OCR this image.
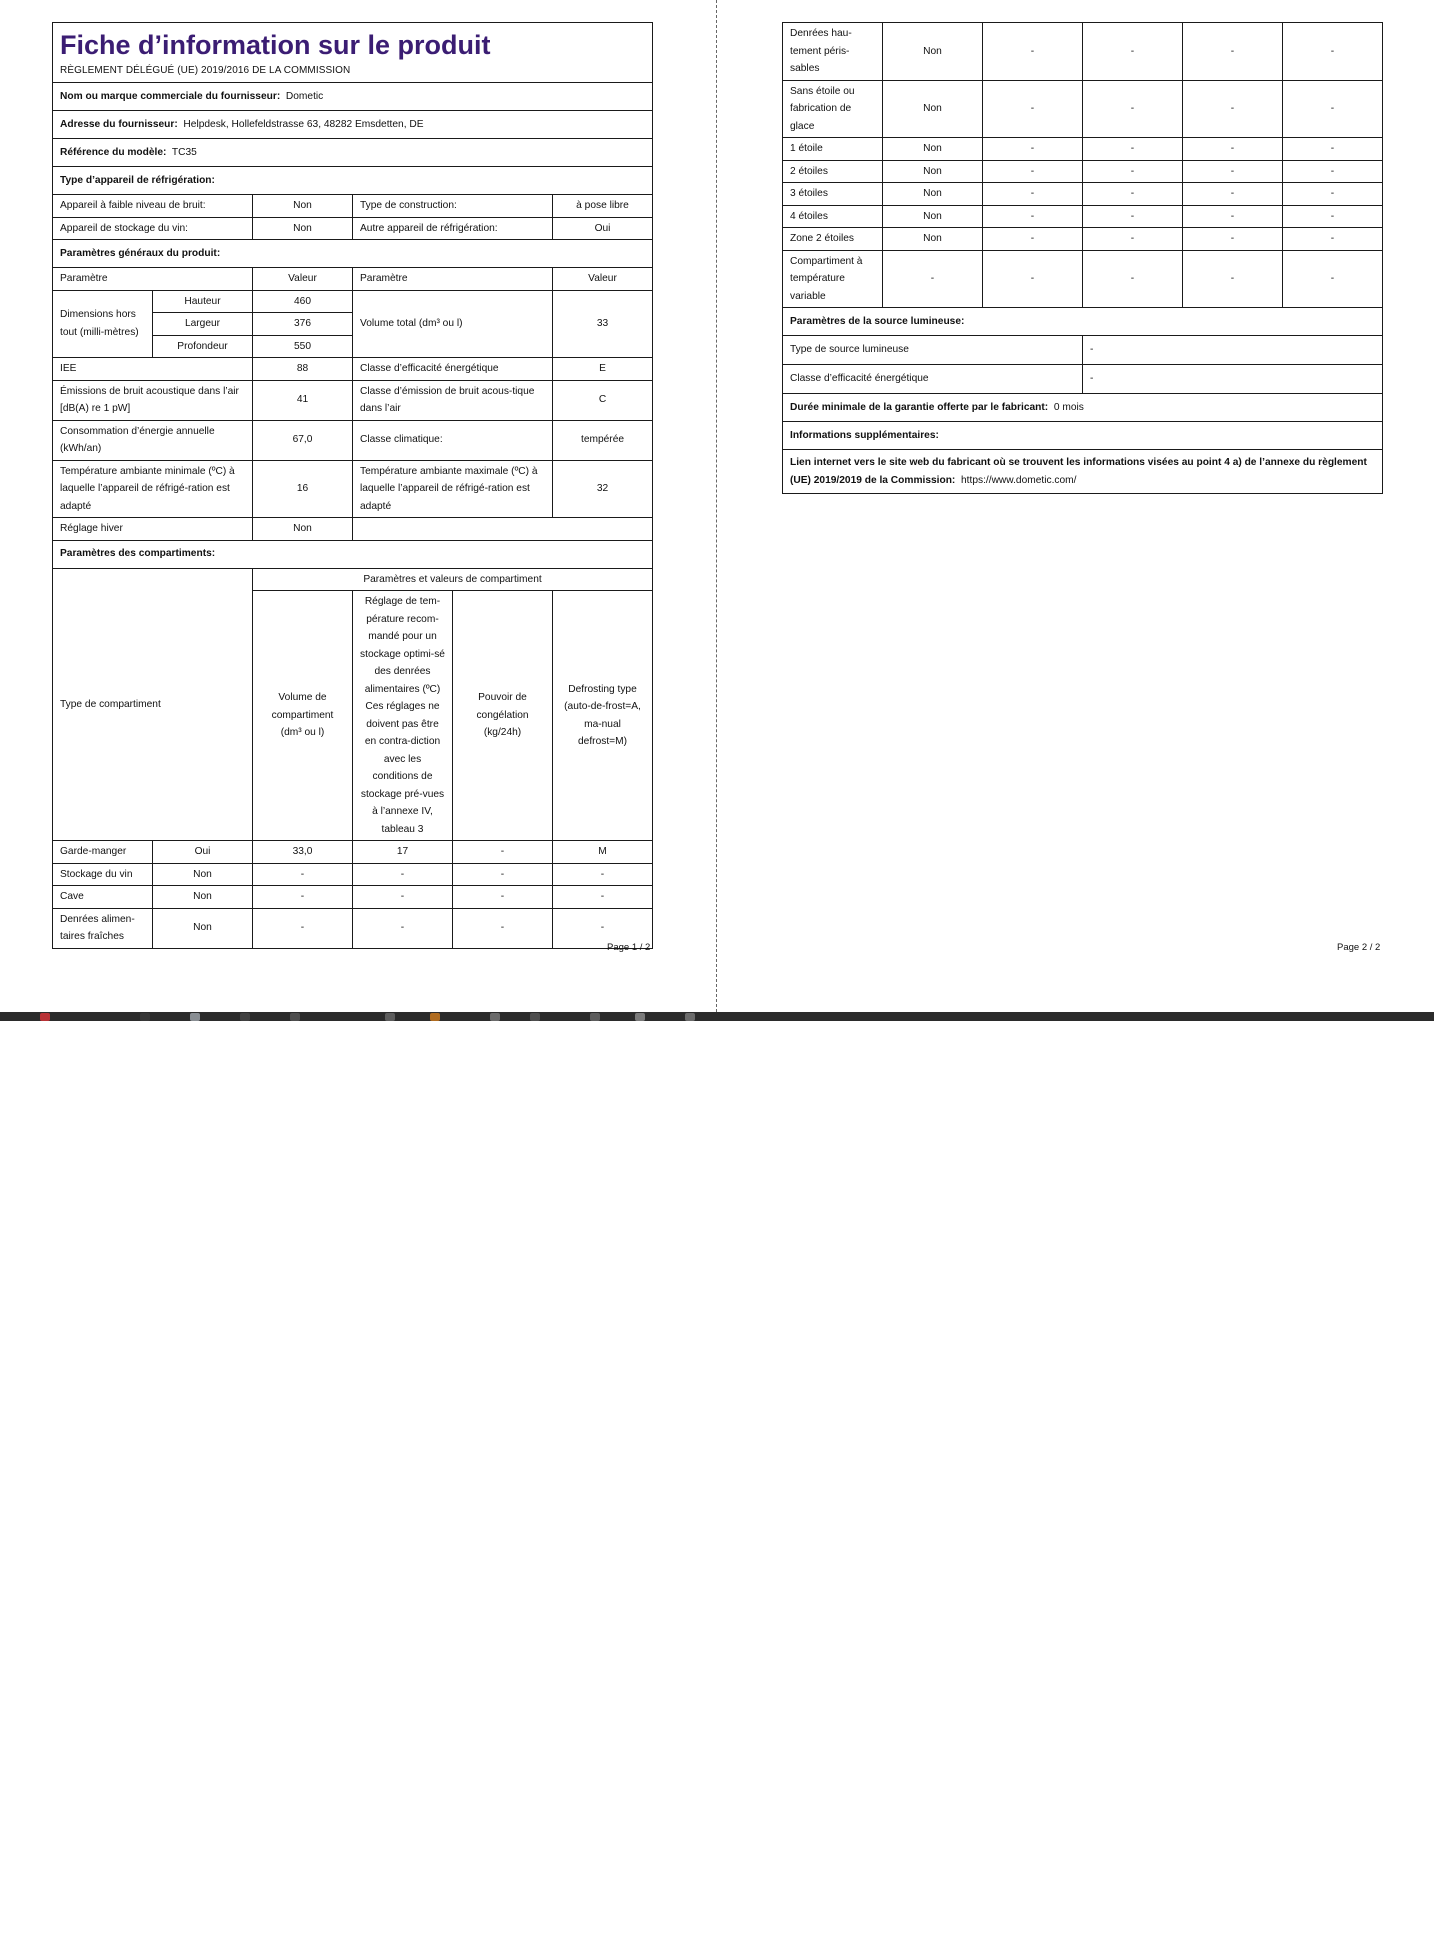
Fiche d’information sur le produit
RÈGLEMENT DÉLÉGUÉ (UE) 2019/2016 DE LA COMMISSION					

Nom ou marque commerciale du fournisseur: Dometic					
Adresse du fournisseur: Helpdesk, Hollefeldstrasse 63, 48282 Emsdetten, DE					
Référence du modèle: TC35					
Type d’appareil de réfrigération:					
Appareil à faible niveau de bruit:		Non	Type de construction:		à pose libre
Appareil de stockage du vin:		Non	Autre appareil de réfrigération:		Oui
Paramètres généraux du produit:					
Paramètre		Valeur	Paramètre		Valeur
Dimensions hors tout (milli-mètres)	Hauteur	460	Volume total (dm³ ou l)		33
	Largeur	376			
	Profondeur	550			
IEE		88	Classe d’efficacité énergétique		E
Émissions de bruit acoustique dans l’air [dB(A) re 1 pW]		41	Classe d’émission de bruit acous-tique dans l’air		C
Consommation d’énergie annuelle (kWh/an)		67,0	Classe climatique:		tempérée
Température ambiante minimale (ºC) à laquelle l’appareil de réfrigé-ration est adapté		16	Température ambiante maximale (ºC) à laquelle l’appareil de réfrigé-ration est adapté		32
Réglage hiver		Non			
Paramètres des compartiments:					
Type de compartiment		Paramètres et valeurs de compartiment			
		Volume de compartiment (dm³ ou l)	Réglage de tem-pérature recom-mandé pour un stockage optimi-sé des denrées alimentaires (ºC) Ces réglages ne doivent pas être en contra-diction avec les conditions de stockage pré-vues à l’annexe IV, tableau 3	Pouvoir de congélation (kg/24h)	Defrosting type (auto-de-frost=A, ma-nual defrost=M)
Garde-manger	Oui	33,0	17	-	M
Stockage du vin	Non	-	-	-	-
Cave	Non	-	-	-	-
Denrées alimen-taires fraîches	Non	-	-	-	-
Page 1 / 2
Denrées hau-tement péris-sables	Non	-	-	-	-
Sans étoile ou fabrication de glace	Non	-	-	-	-
1 étoile	Non	-	-	-	-
2 étoiles	Non	-	-	-	-
3 étoiles	Non	-	-	-	-
4 étoiles	Non	-	-	-	-
Zone 2 étoiles	Non	-	-	-	-
Compartiment à température variable	-	-	-	-	-
Paramètres de la source lumineuse:					
Type de source lumineuse			-		
Classe d’efficacité énergétique			-		
Durée minimale de la garantie offerte par le fabricant: 0 mois					
Informations supplémentaires:					
Lien internet vers le site web du fabricant où se trouvent les informations visées au point 4 a) de l’annexe du règlement (UE) 2019/2019 de la Commission: https://www.dometic.com/					
Page 2 / 2
